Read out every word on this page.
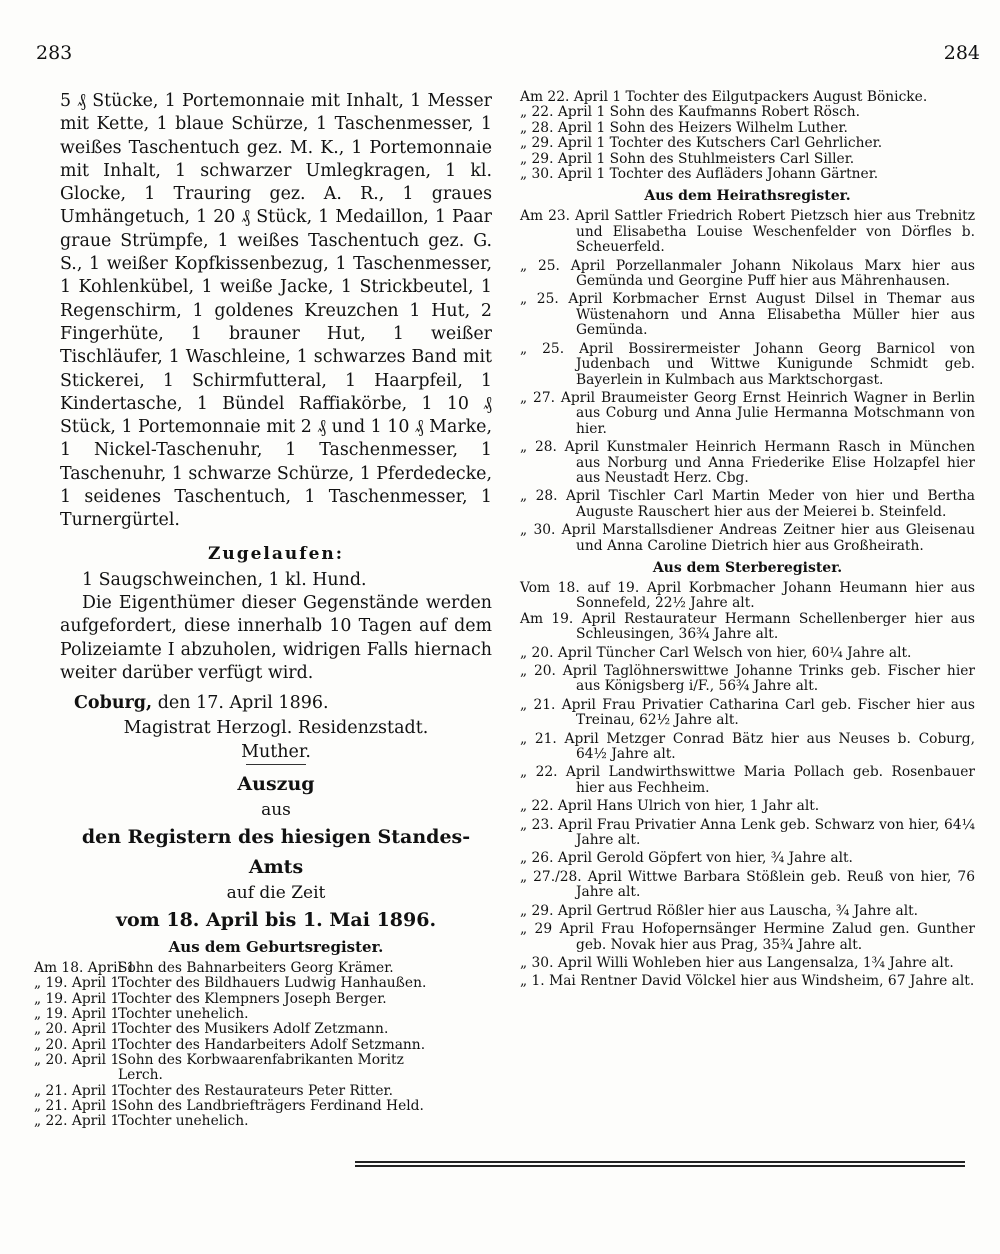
283	284

5 ₰ Stücke, 1 Portemonnaie mit Inhalt, 1 Messer mit Kette, 1 blaue Schürze, 1 Taschenmesser, 1 weißes Taschentuch gez. M. K., 1 Portemonnaie mit Inhalt, 1 schwarzer Umlegkragen, 1 kl. Glocke, 1 Trauring gez. A. R., 1 graues Umhängetuch, 1 20 ₰ Stück, 1 Medaillon, 1 Paar graue Strümpfe, 1 weißes Taschentuch gez. G. S., 1 weißer Kopfkissenbezug, 1 Taschenmesser, 1 Kohlenkübel, 1 weiße Jacke, 1 Strickbeutel, 1 Regenschirm, 1 goldenes Kreuzchen 1 Hut, 2 Fingerhüte, 1 brauner Hut, 1 weißer Tischläufer, 1 Waschleine, 1 schwarzes Band mit Stickerei, 1 Schirmfutteral, 1 Haarpfeil, 1 Kindertasche, 1 Bündel Raffiakörbe, 1 10 ₰ Stück, 1 Portemonnaie mit 2 ₰ und 1 10 ₰ Marke, 1 Nickel-Taschenuhr, 1 Taschenmesser, 1 Taschenuhr, 1 schwarze Schürze, 1 Pferdedecke, 1 seidenes Taschentuch, 1 Taschenmesser, 1 Turnergürtel.

Zugelaufen:

1 Saugschweinchen, 1 kl. Hund.

Die Eigenthümer dieser Gegenstände werden aufgefordert, diese innerhalb 10 Tagen auf dem Polizeiamte I abzuholen, widrigen Falls hiernach weiter darüber verfügt wird.

Coburg, den 17. April 1896.

Magistrat Herzogl. Residenzstadt.

Muther.

Auszug

aus

den Registern des hiesigen Standes-Amts

auf die Zeit

vom 18. April bis 1. Mai 1896.

Aus dem Geburtsregister.

Am 18. April 1
Sohn des Bahnarbeiters Georg Krämer.
„ 19. April 1
Tochter des Bildhauers Ludwig Hanhaußen.
„ 19. April 1
Tochter des Klempners Joseph Berger.
„ 19. April 1
Tochter unehelich.
„ 20. April 1
Tochter des Musikers Adolf Zetzmann.
„ 20. April 1
Tochter des Handarbeiters Adolf Setzmann.
„ 20. April 1
Sohn des Korbwaarenfabrikanten Moritz
Lerch.
„ 21. April 1
Tochter des Restaurateurs Peter Ritter.
„ 21. April 1
Sohn des Landbriefträgers Ferdinand Held.
„ 22. April 1
Tochter unehelich.

Am 22. April 1 Tochter des Eilgutpackers August Bönicke.

„ 22. April 1 Sohn des Kaufmanns Robert Rösch.

„ 28. April 1 Sohn des Heizers Wilhelm Luther.

„ 29. April 1 Tochter des Kutschers Carl Gehrlicher.

„ 29. April 1 Sohn des Stuhlmeisters Carl Siller.

„ 30. April 1 Tochter des Aufläders Johann Gärtner.

Aus dem Heirathsregister.

Am 23. April Sattler Friedrich Robert Pietzsch hier aus Trebnitz und Elisabetha Louise Weschenfelder von Dörfles b. Scheuerfeld.

„ 25. April Porzellanmaler Johann Nikolaus Marx hier aus Gemünda und Georgine Puff hier aus Mährenhausen.

„ 25. April Korbmacher Ernst August Dilsel in Themar aus Wüstenahorn und Anna Elisabetha Müller hier aus Gemünda.

„ 25. April Bossirermeister Johann Georg Barnicol von Judenbach und Wittwe Kunigunde Schmidt geb. Bayerlein in Kulmbach aus Marktschorgast.

„ 27. April Braumeister Georg Ernst Heinrich Wagner in Berlin aus Coburg und Anna Julie Hermanna Motschmann von hier.

„ 28. April Kunstmaler Heinrich Hermann Rasch in München aus Norburg und Anna Friederike Elise Holzapfel hier aus Neustadt Herz. Cbg.

„ 28. April Tischler Carl Martin Meder von hier und Bertha Auguste Rauschert hier aus der Meierei b. Steinfeld.

„ 30. April Marstallsdiener Andreas Zeitner hier aus Gleisenau und Anna Caroline Dietrich hier aus Großheirath.

Aus dem Sterberegister.

Vom 18. auf 19. April Korbmacher Johann Heumann hier aus Sonnefeld, 22½ Jahre alt.

Am 19. April Restaurateur Hermann Schellenberger hier aus Schleusingen, 36¾ Jahre alt.

„ 20. April Tüncher Carl Welsch von hier, 60¼ Jahre alt.

„ 20. April Taglöhnerswittwe Johanne Trinks geb. Fischer hier aus Königsberg i/F., 56¾ Jahre alt.

„ 21. April Frau Privatier Catharina Carl geb. Fischer hier aus Treinau, 62½ Jahre alt.

„ 21. April Metzger Conrad Bätz hier aus Neuses b. Coburg, 64½ Jahre alt.

„ 22. April Landwirthswittwe Maria Pollach geb. Rosenbauer hier aus Fechheim.

„ 22. April Hans Ulrich von hier, 1 Jahr alt.

„ 23. April Frau Privatier Anna Lenk geb. Schwarz von hier, 64¼ Jahre alt.

„ 26. April Gerold Göpfert von hier, ¾ Jahre alt.

„ 27./28. April Wittwe Barbara Stößlein geb. Reuß von hier, 76 Jahre alt.

„ 29. April Gertrud Rößler hier aus Lauscha, ¾ Jahre alt.

„ 29 April Frau Hofopernsänger Hermine Zalud gen. Gunther geb. Novak hier aus Prag, 35¾ Jahre alt.

„ 30. April Willi Wohleben hier aus Langensalza, 1¾ Jahre alt.

„ 1. Mai Rentner David Völckel hier aus Windsheim, 67 Jahre alt.
